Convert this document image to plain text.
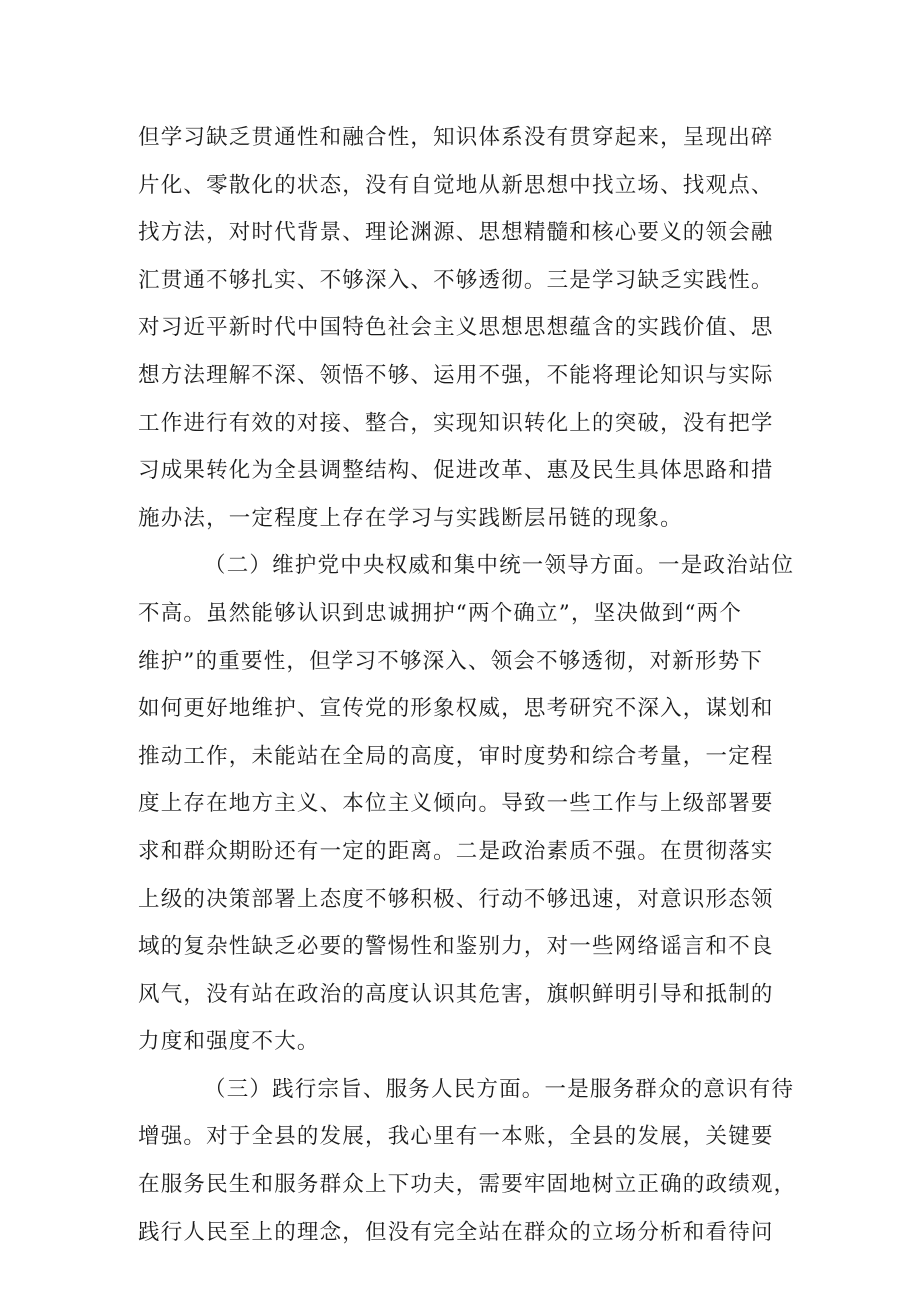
但学习缺乏贯通性和融合性，知识体系没有贯穿起来，呈现出碎
片化、零散化的状态，没有自觉地从新思想中找立场、找观点、
找方法，对时代背景、理论渊源、思想精髓和核心要义的领会融
汇贯通不够扎实、不够深入、不够透彻。三是学习缺乏实践性。
对习近平新时代中国特色社会主义思想思想蕴含的实践价值、思
想方法理解不深、领悟不够、运用不强，不能将理论知识与实际
工作进行有效的对接、整合，实现知识转化上的突破，没有把学
习成果转化为全县调整结构、促进改革、惠及民生具体思路和措
施办法，一定程度上存在学习与实践断层吊链的现象。
（二）维护党中央权威和集中统一领导方面。一是政治站位
不高。虽然能够认识到忠诚拥护“两个确立”，坚决做到“两个
维护”的重要性，但学习不够深入、领会不够透彻，对新形势下
如何更好地维护、宣传党的形象权威，思考研究不深入，谋划和
推动工作，未能站在全局的高度，审时度势和综合考量，一定程
度上存在地方主义、本位主义倾向。导致一些工作与上级部署要
求和群众期盼还有一定的距离。二是政治素质不强。在贯彻落实
上级的决策部署上态度不够积极、行动不够迅速，对意识形态领
域的复杂性缺乏必要的警惕性和鉴别力，对一些网络谣言和不良
风气，没有站在政治的高度认识其危害，旗帜鲜明引导和抵制的
力度和强度不大。
（三）践行宗旨、服务人民方面。一是服务群众的意识有待
增强。对于全县的发展，我心里有一本账，全县的发展，关键要
在服务民生和服务群众上下功夫，需要牢固地树立正确的政绩观，
践行人民至上的理念，但没有完全站在群众的立场分析和看待问
